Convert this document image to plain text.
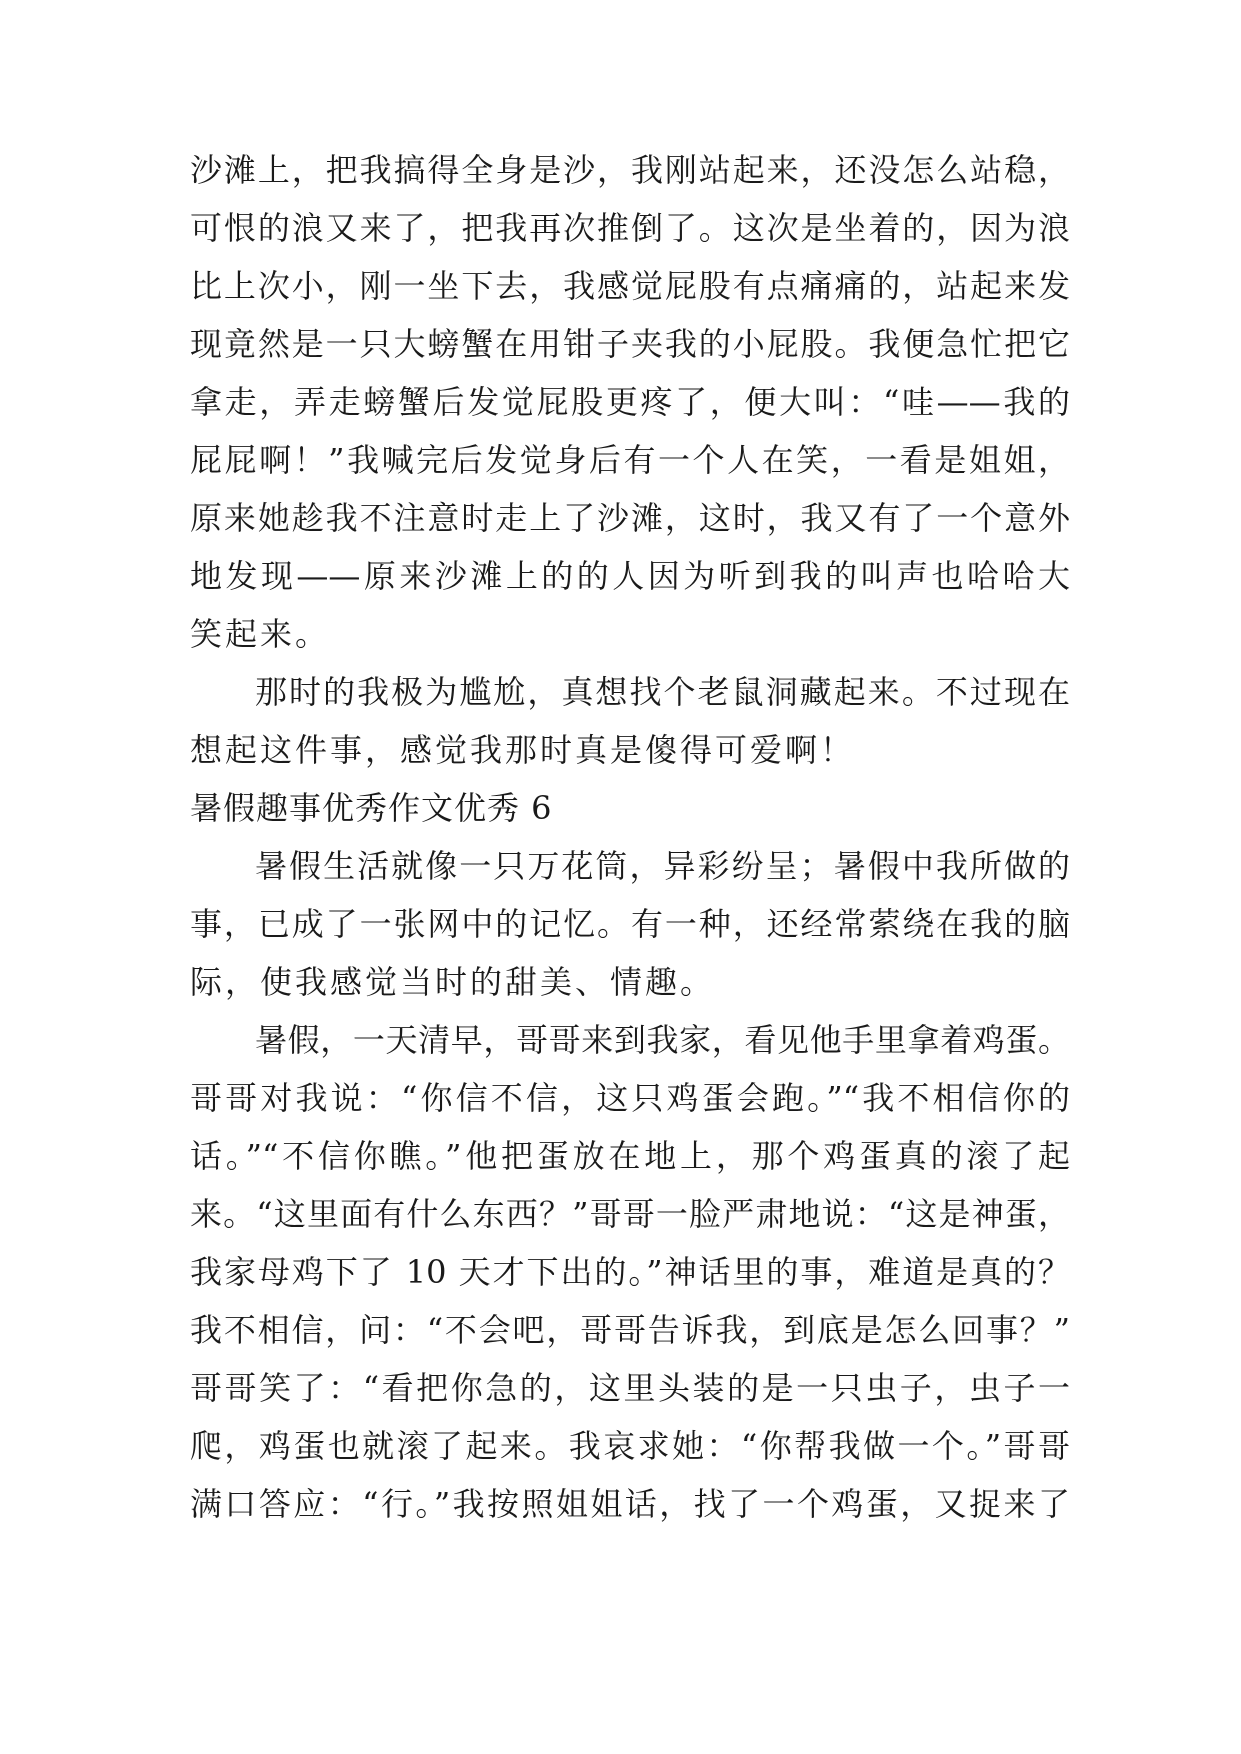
沙滩上，把我搞得全身是沙，我刚站起来，还没怎么站稳，
可恨的浪又来了，把我再次推倒了。这次是坐着的，因为浪
比上次小，刚一坐下去，我感觉屁股有点痛痛的，站起来发
现竟然是一只大螃蟹在用钳子夹我的小屁股。我便急忙把它
拿走，弄走螃蟹后发觉屁股更疼了，便大叫：“哇——我的
屁屁啊！”我喊完后发觉身后有一个人在笑，一看是姐姐，
原来她趁我不注意时走上了沙滩，这时，我又有了一个意外
地发现——原来沙滩上的的人因为听到我的叫声也哈哈大
笑起来。
那时的我极为尴尬，真想找个老鼠洞藏起来。不过现在
想起这件事，感觉我那时真是傻得可爱啊！
暑假趣事优秀作文优秀 6
暑假生活就像一只万花筒，异彩纷呈；暑假中我所做的
事，已成了一张网中的记忆。有一种，还经常萦绕在我的脑
际，使我感觉当时的甜美、情趣。
暑假，一天清早，哥哥来到我家，看见他手里拿着鸡蛋。
哥哥对我说：“你信不信，这只鸡蛋会跑。”“我不相信你的
话。”“不信你瞧。”他把蛋放在地上，那个鸡蛋真的滚了起
来。“这里面有什么东西？”哥哥一脸严肃地说：“这是神蛋，
我家母鸡下了 10 天才下出的。”神话里的事，难道是真的？
我不相信，问：“不会吧，哥哥告诉我，到底是怎么回事？”
哥哥笑了：“看把你急的，这里头装的是一只虫子，虫子一
爬，鸡蛋也就滚了起来。我哀求她：“你帮我做一个。”哥哥
满口答应：“行。”我按照姐姐话，找了一个鸡蛋，又捉来了
